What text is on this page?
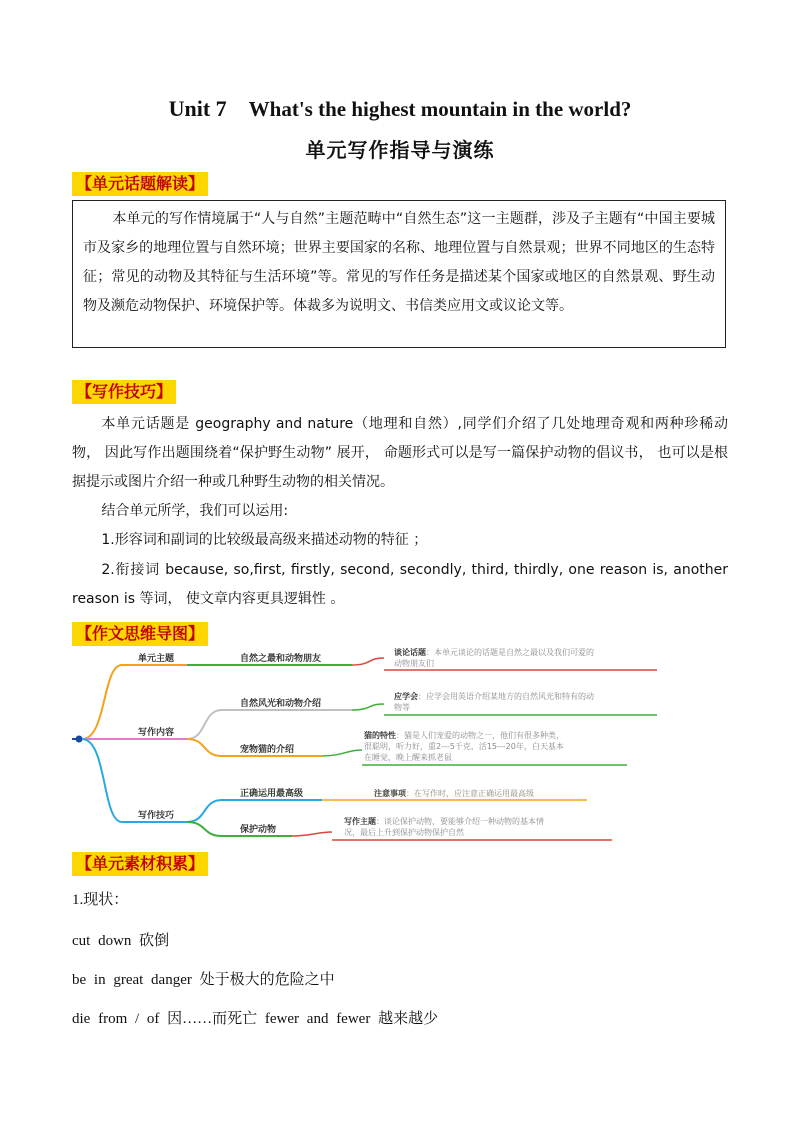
Unit 7 What's the highest mountain in the world?
单元写作指导与演练
【单元话题解读】

本单元的写作情境属于“人与自然”主题范畴中“自然生态”这一主题群，涉及子主题有“中国主要城市及家乡的地理位置与自然环境；世界主要国家的名称、地理位置与自然景观；世界不同地区的生态特征；常见的动物及其特征与生活环境”等。常见的写作任务是描述某个国家或地区的自然景观、野生动物及濒危动物保护、环境保护等。体裁多为说明文、书信类应用文或议论文等。

【写作技巧】

本单元话题是 geography and nature（地理和自然）,同学们介绍了几处地理奇观和两种珍稀动物， 因此写作出题围绕着“保护野生动物” 展开， 命题形式可以是写一篇保护动物的倡议书， 也可以是根据提示或图片介绍一种或几种野生动物的相关情况。

结合单元所学，我们可以运用:

1.形容词和副词的比较级最高级来描述动物的特征 ；

2.衔接词 because, so,first, firstly, second, secondly, third, thirdly, one reason is, another reason is 等词， 使文章内容更具逻辑性 。

【作文思维导图】
单元主题
写作内容
写作技巧
自然之最和动物朋友
自然风光和动物介绍
宠物猫的介绍
正确运用最高级
保护动物
谈论话题：本单元谈论的话题是自然之最以及我们可爱的
动物朋友们
应学会：应学会用英语介绍某地方的自然风光和特有的动
物等
猫的特性：猫是人们宠爱的动物之一，他们有很多种类，
很聪明，听力好，重2---5千克，活15---20年，白天基本
在睡觉，晚上醒来抓老鼠
注意事项：在写作时，应注意正确运用最高级
写作主题：谈论保护动物，要能够介绍一种动物的基本情
况，最后上升到保护动物保护自然
【单元素材积累】
1.现状：
cut down 砍倒
be in great danger 处于极大的危险之中
die from / of 因……而死亡 fewer and fewer 越来越少
